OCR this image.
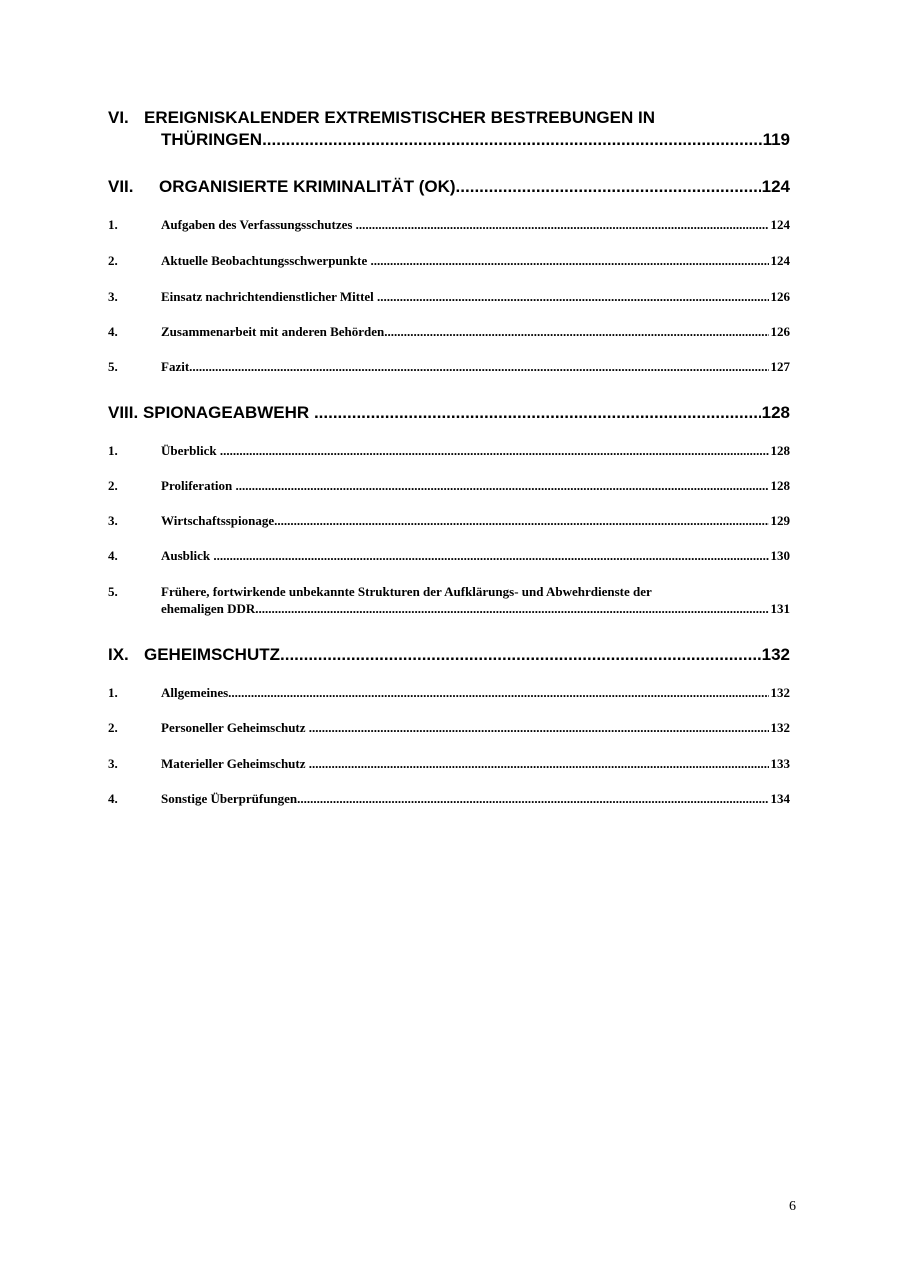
VI. EREIGNISKALENDER EXTREMISTISCHER BESTREBUNGEN IN
THÜRINGEN .....	119
VII. ORGANISIERTE KRIMINALITÄT (OK) .....	124
1.	Aufgaben des Verfassungsschutzes .....	124
2.	Aktuelle Beobachtungsschwerpunkte .....	124
3.	Einsatz nachrichtendienstlicher Mittel .....	126
4.	Zusammenarbeit mit anderen Behörden .....	126
5.	Fazit .....	127
VIII. SPIONAGEABWEHR .....	128
1.	Überblick .....	128
2.	Proliferation .....	128
3.	Wirtschaftsspionage .....	129
4.	Ausblick .....	130
5.	Frühere, fortwirkende unbekannte Strukturen der Aufklärungs- und Abwehrdienste der
ehemaligen DDR .....	131
IX. GEHEIMSCHUTZ .....	132
1.	Allgemeines .....	132
2.	Personeller Geheimschutz .....	132
3.	Materieller Geheimschutz .....	133
4.	Sonstige Überprüfungen .....	134
6
